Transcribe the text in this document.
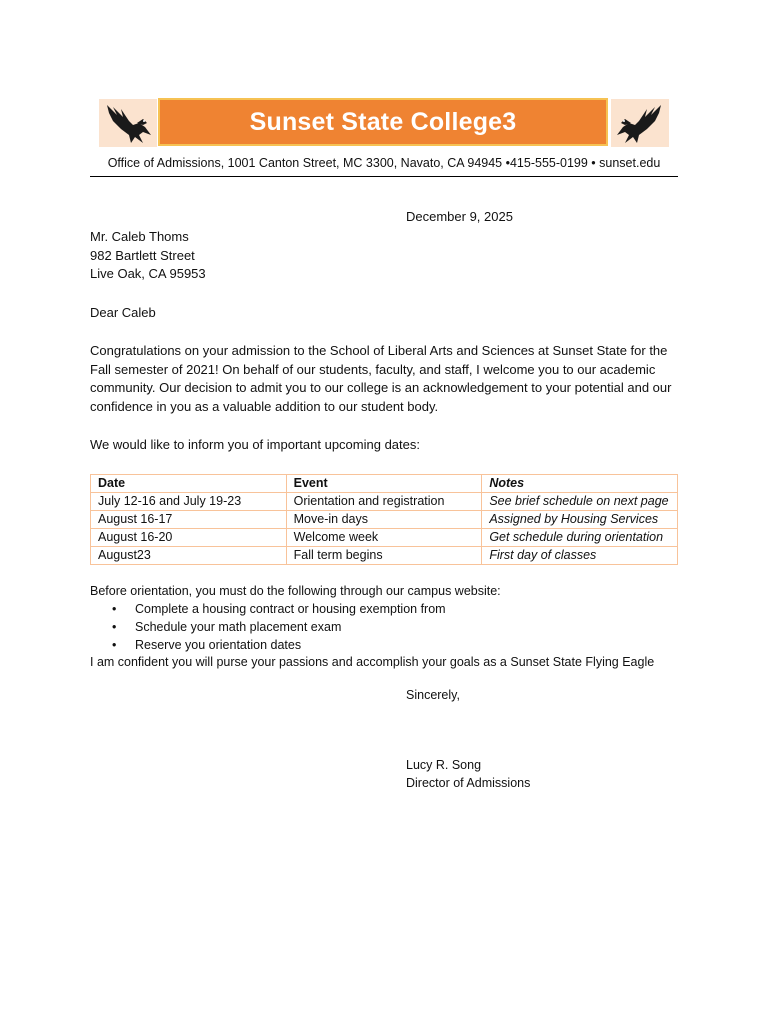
Sunset State College3
Office of Admissions, 1001 Canton Street, MC 3300, Navato, CA 94945 •415-555-0199 • sunset.edu
December 9, 2025
Mr. Caleb Thoms
982 Bartlett Street
Live Oak, CA 95953
Dear Caleb
Congratulations on your admission to the School of Liberal Arts and Sciences at Sunset State for the Fall semester of 2021! On behalf of our students, faculty, and staff, I welcome you to our academic community. Our decision to admit you to our college is an acknowledgement to your potential and our confidence in you as a valuable addition to our student body.
We would like to inform you of important upcoming dates:
Date	Event	Notes
July 12-16 and July 19-23	Orientation and registration	See brief schedule on next page
August 16-17	Move-in days	Assigned by Housing Services
August 16-20	Welcome week	Get schedule during orientation
August23	Fall term begins	First day of classes
Before orientation, you must do the following through our campus website:
• Complete a housing contract or housing exemption from
• Schedule your math placement exam
• Reserve you orientation dates
I am confident you will purse your passions and accomplish your goals as a Sunset State Flying Eagle
Sincerely,
Lucy R. Song
Director of Admissions
